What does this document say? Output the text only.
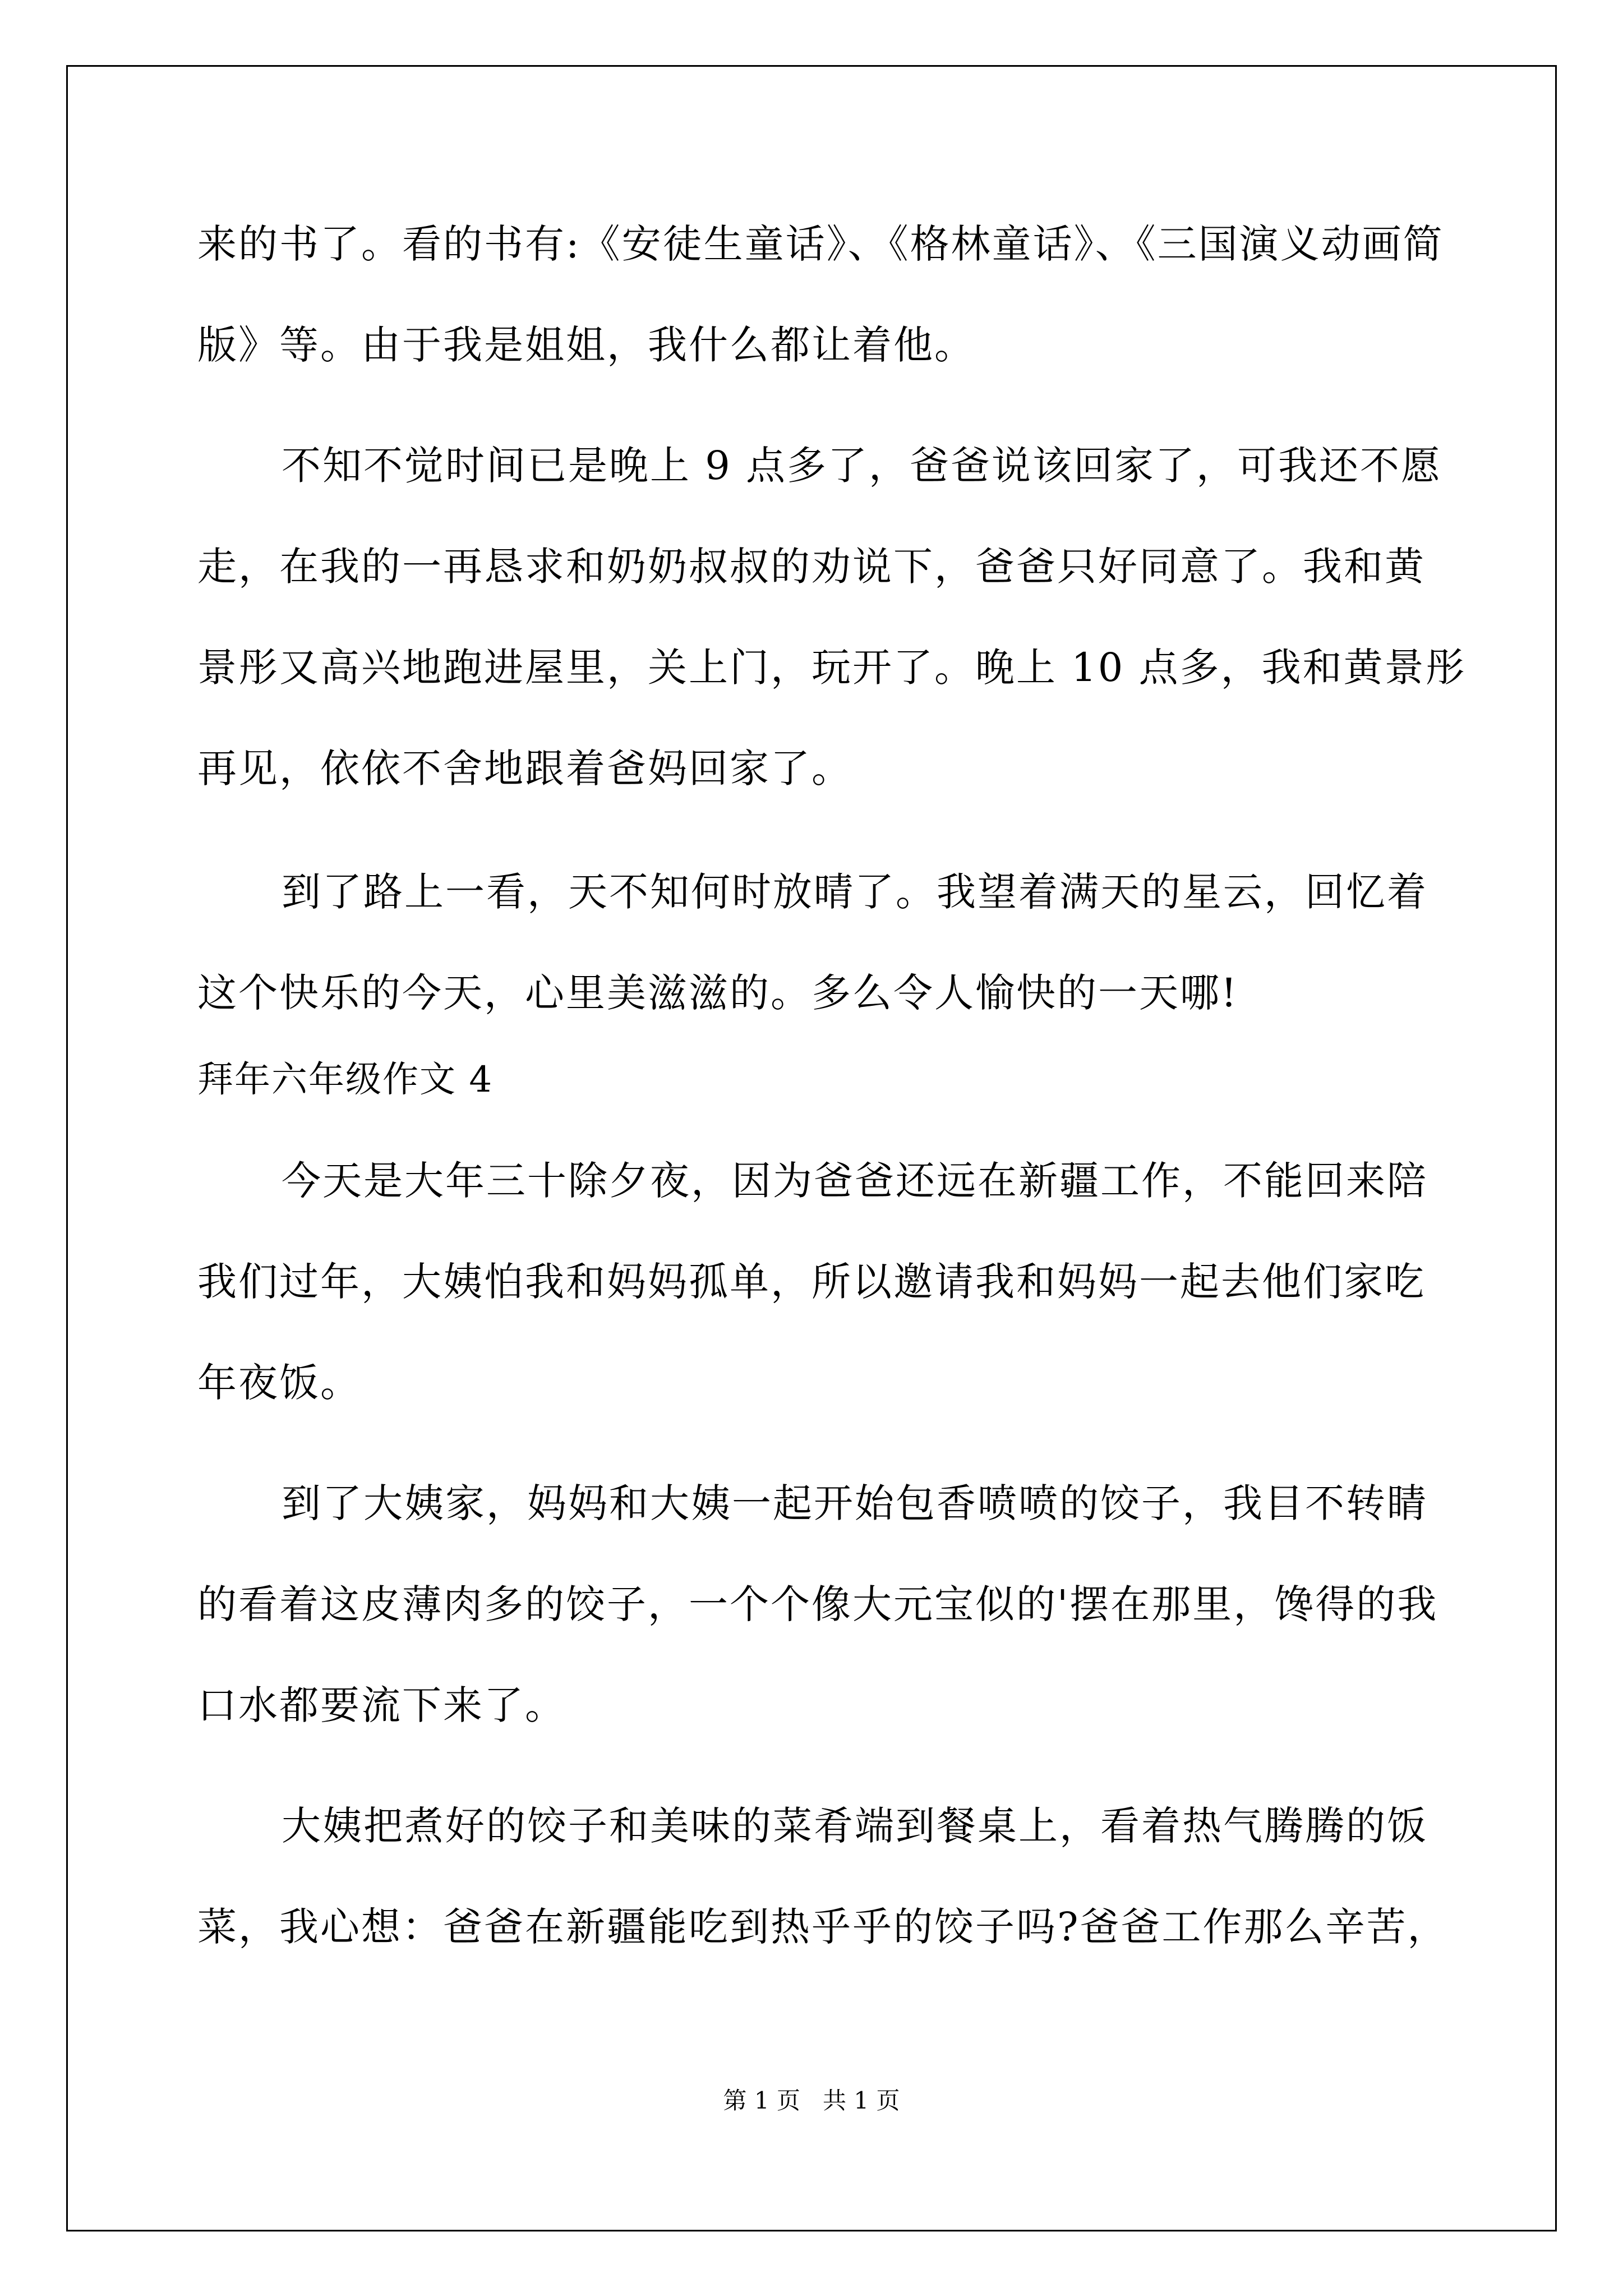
来的书了。看的书有:《安徒生童话》、《格林童话》、《三国演义动画简
版》等。由于我是姐姐，我什么都让着他。
不知不觉时间已是晚上 9 点多了，爸爸说该回家了，可我还不愿
走，在我的一再恳求和奶奶叔叔的劝说下，爸爸只好同意了。我和黄
景彤又高兴地跑进屋里，关上门，玩开了。晚上 10 点多，我和黄景彤
再见，依依不舍地跟着爸妈回家了。
到了路上一看，天不知何时放晴了。我望着满天的星云，回忆着
这个快乐的今天，心里美滋滋的。多么令人愉快的一天哪!
拜年六年级作文 4
今天是大年三十除夕夜，因为爸爸还远在新疆工作，不能回来陪
我们过年，大姨怕我和妈妈孤单，所以邀请我和妈妈一起去他们家吃
年夜饭。
到了大姨家，妈妈和大姨一起开始包香喷喷的饺子，我目不转睛
的看着这皮薄肉多的饺子，一个个像大元宝似的'摆在那里，馋得的我
口水都要流下来了。
大姨把煮好的饺子和美味的菜肴端到餐桌上，看着热气腾腾的饭
菜，我心想：爸爸在新疆能吃到热乎乎的饺子吗?爸爸工作那么辛苦，
第 1 页   共 1 页
